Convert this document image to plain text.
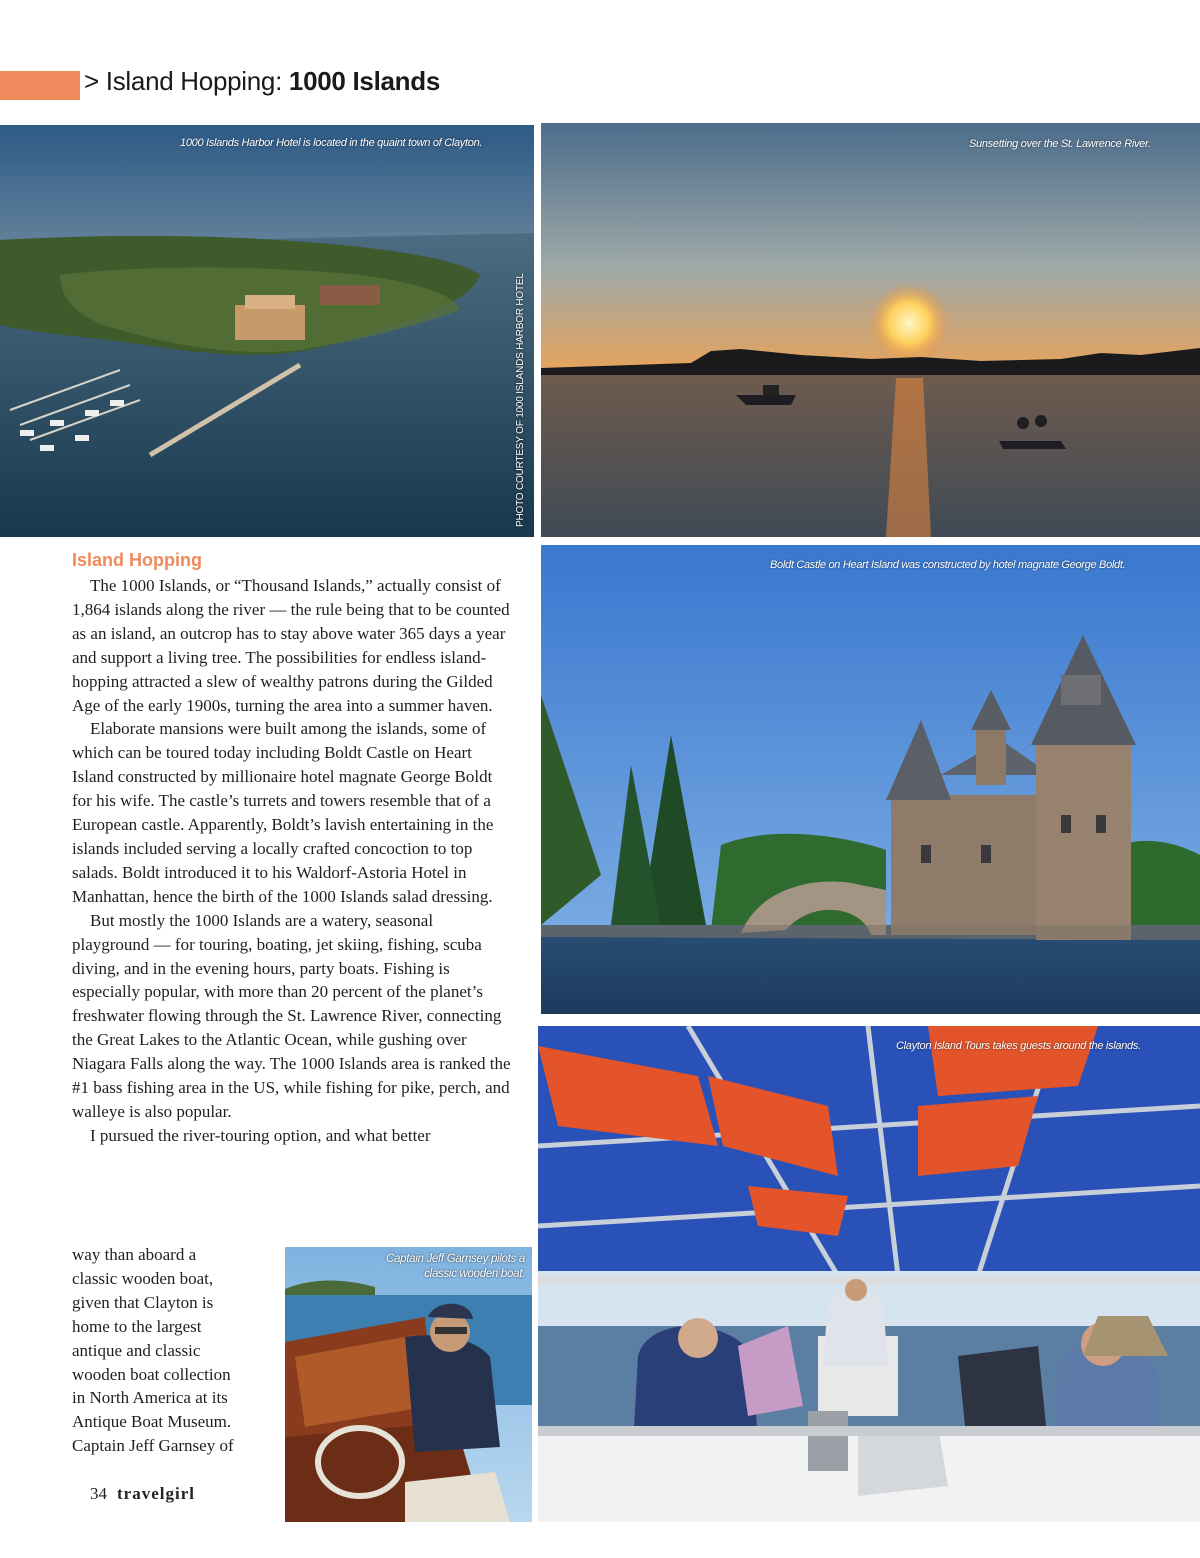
> Island Hopping: 1000 Islands
1000 Islands Harbor Hotel is located in the quaint town of Clayton.
PHOTO COURTESY OF 1000 ISLANDS HARBOR HOTEL
Sunsetting over the St. Lawrence River.
Island Hopping

The 1000 Islands, or “Thousand Islands,” actually consist of 1,864 islands along the river — the rule being that to be counted as an island, an outcrop has to stay above water 365 days a year and support a living tree. The possibilities for endless island-hopping attracted a slew of wealthy patrons during the Gilded Age of the early 1900s, turning the area into a summer haven.

Elaborate mansions were built among the islands, some of which can be toured today including Boldt Castle on Heart Island constructed by millionaire hotel magnate George Boldt for his wife. The castle’s turrets and towers resemble that of a European castle. Apparently, Boldt’s lavish entertaining in the islands included serving a locally crafted concoction to top salads. Boldt introduced it to his Waldorf-Astoria Hotel in Manhattan, hence the birth of the 1000 Islands salad dressing.

But mostly the 1000 Islands are a watery, seasonal playground — for touring, boating, jet skiing, fishing, scuba diving, and in the evening hours, party boats. Fishing is especially popular, with more than 20 percent of the planet’s freshwater flowing through the St. Lawrence River, connecting the Great Lakes to the Atlantic Ocean, while gushing over Niagara Falls along the way. The 1000 Islands area is ranked the #1 bass fishing area in the US, while fishing for pike, perch, and walleye is also popular.

I pursued the river-touring option, and what better

way than aboard a
classic wooden boat,
given that Clayton is
home to the largest
antique and classic
wooden boat collection
in North America at its
Antique Boat Museum.
Captain Jeff Garnsey of
Captain Jeff Garnsey pilots a
classic wooden boat.
Boldt Castle on Heart Island was constructed by hotel magnate George Boldt.
Clayton Island Tours takes guests around the islands.
34 travelgirl
